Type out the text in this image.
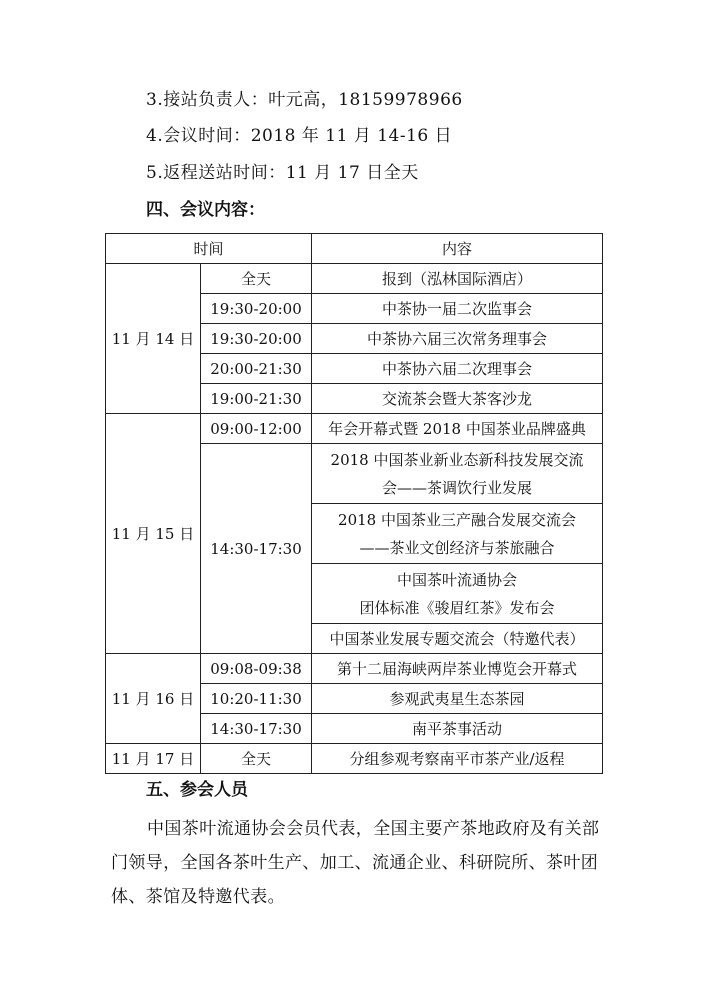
3.接站负责人：叶元高，18159978966
4.会议时间：2018 年 11 月 14-16 日
5.返程送站时间：11 月 17 日全天
四、会议内容：
时间		内容
11 月 14 日	全天	报到（泓林国际酒店）
	19:30-20:00	中茶协一届二次监事会
	19:30-20:00	中茶协六届三次常务理事会
	20:00-21:30	中茶协六届二次理事会
	19:00-21:30	交流茶会暨大茶客沙龙
11 月 15 日	09:00-12:00	年会开幕式暨 2018 中国茶业品牌盛典
	14:30-17:30	2018 中国茶业新业态新科技发展交流
会——茶调饮行业发展

		2018 中国茶业三产融合发展交流会
——茶业文创经济与茶旅融合

		中国茶叶流通协会
团体标准《骏眉红茶》发布会

		中国茶业发展专题交流会（特邀代表）
11 月 16 日	09:08-09:38	第十二届海峡两岸茶业博览会开幕式
	10:20-11:30	参观武夷星生态茶园
	14:30-17:30	南平茶事活动
11 月 17 日	全天	分组参观考察南平市茶产业/返程
五、参会人员
中国茶叶流通协会会员代表，全国主要产茶地政府及有关部门领导，全国各茶叶生产、加工、流通企业、科研院所、茶叶团体、茶馆及特邀代表。
